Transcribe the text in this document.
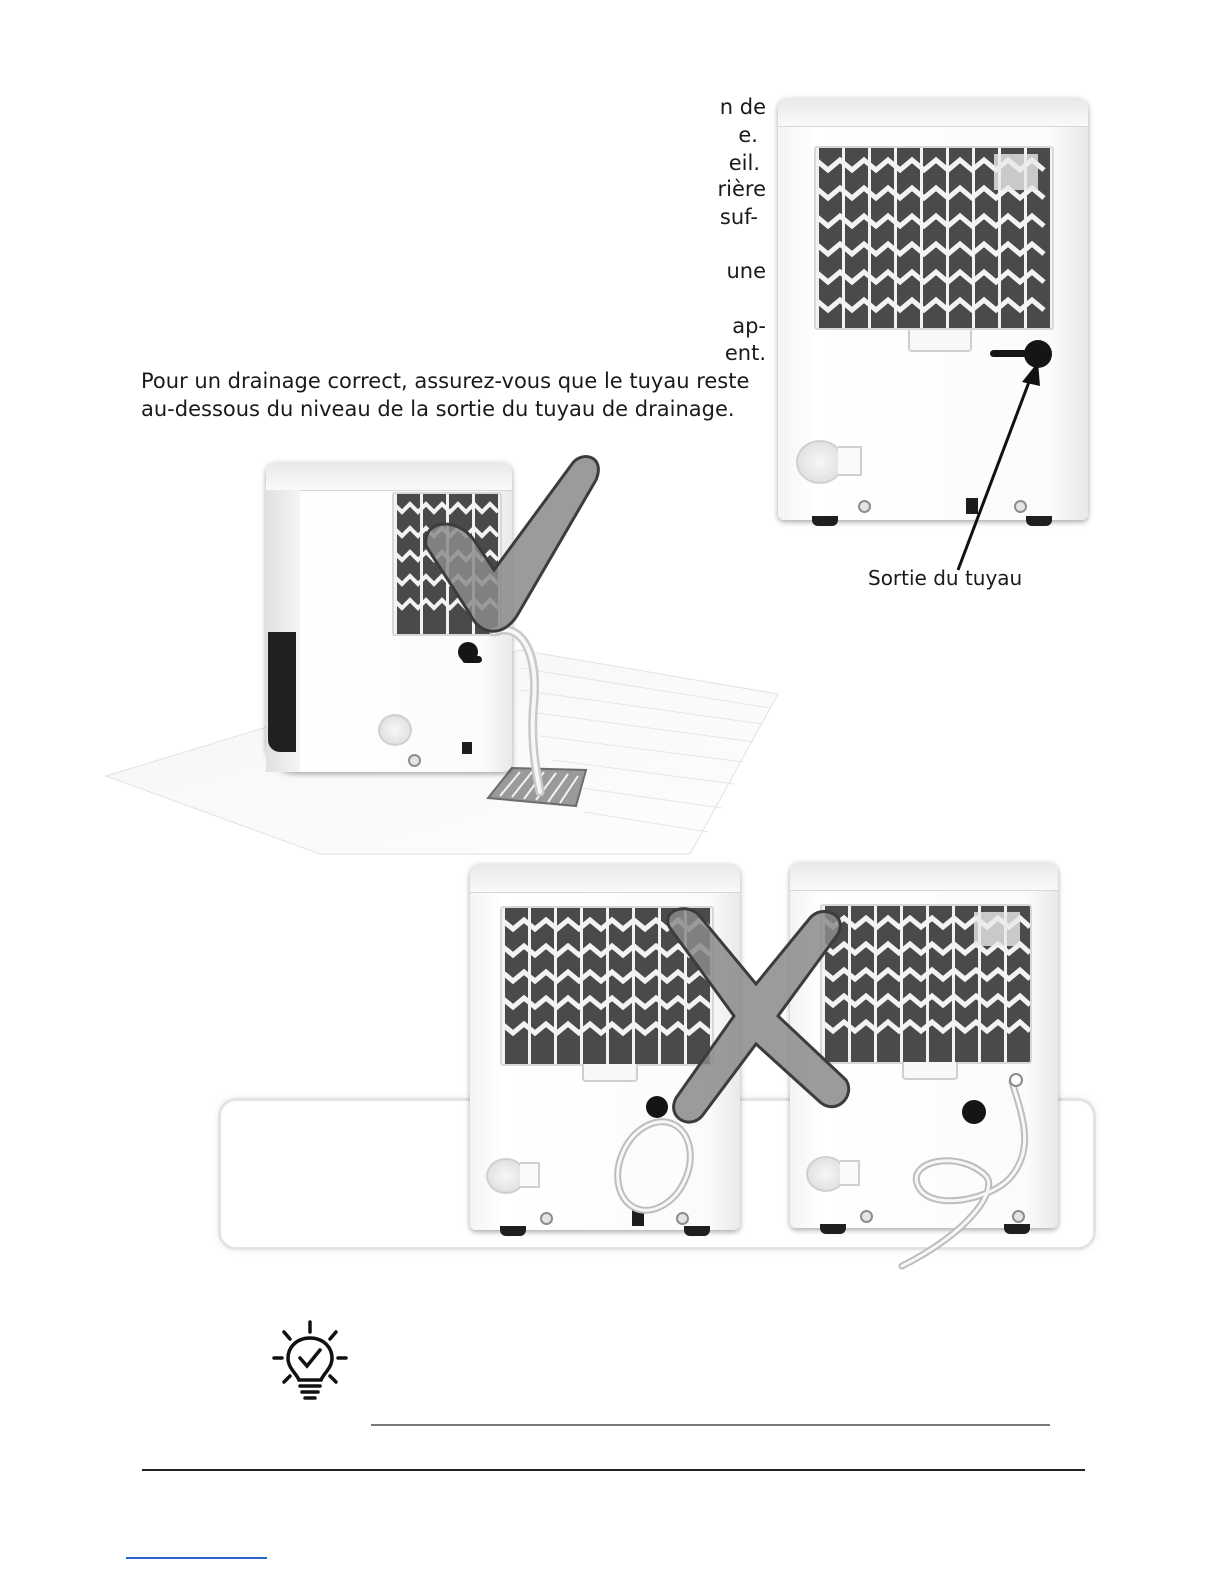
n de
e.
eil.
rière
suf-
une
ap-
ent.
Pour un drainage correct, assurez-vous que le tuyau reste
au-dessous du niveau de la sortie du tuyau de drainage.
Sortie du tuyau
